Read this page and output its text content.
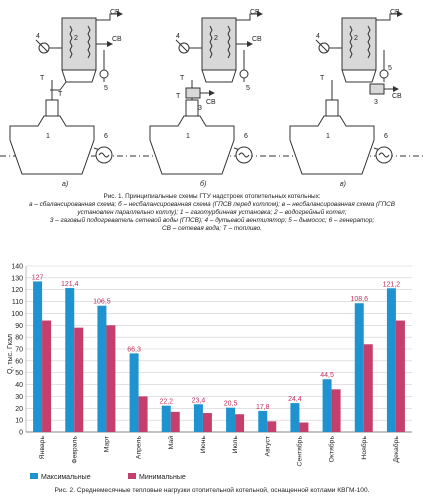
СВ
СВ
4	2
5
Т
Т
1	6
а)
СВ
СВ
4	2
5
Т
Т
3
СВ
1	6
б)
СВ
4	2
5
Т
3
СВ
1	6
в)
Рис. 1. Принципиальные схемы ГТУ надстроек отопительных котельных:
а – сбалансированная схема; б – несбалансированная схема (ГПСВ перед котлом); в – несбалансированная схема (ГПСВ
установлен параллельно котлу); 1 – газотурбинная установка; 2 – водогрейный котел;
3 – газовый подогреватель сетевой воды (ГПСВ); 4 – дутьевой вентилятор; 5 – дымосос; 6 – генератор;
СВ – сетевая вода; Т – топливо.
0
10
20
30
40
50
60
70
80
90
100
110
120
130
140
127
121,4
106,5
66,3
22,2	23,4	20,5	17,8
24,4
44,5
108,6
121,2
Январь	Февраль	Март	Апрель	Май	Июнь	Июль	Август	Сентябрь	Октябрь	Ноябрь	Декабрь
Q, тыс. Гкал
Максимальные	Минимальные
Рис. 2. Среднемесячные тепловые нагрузки отопительной котельной, оснащенной котлами КВГМ-100.
